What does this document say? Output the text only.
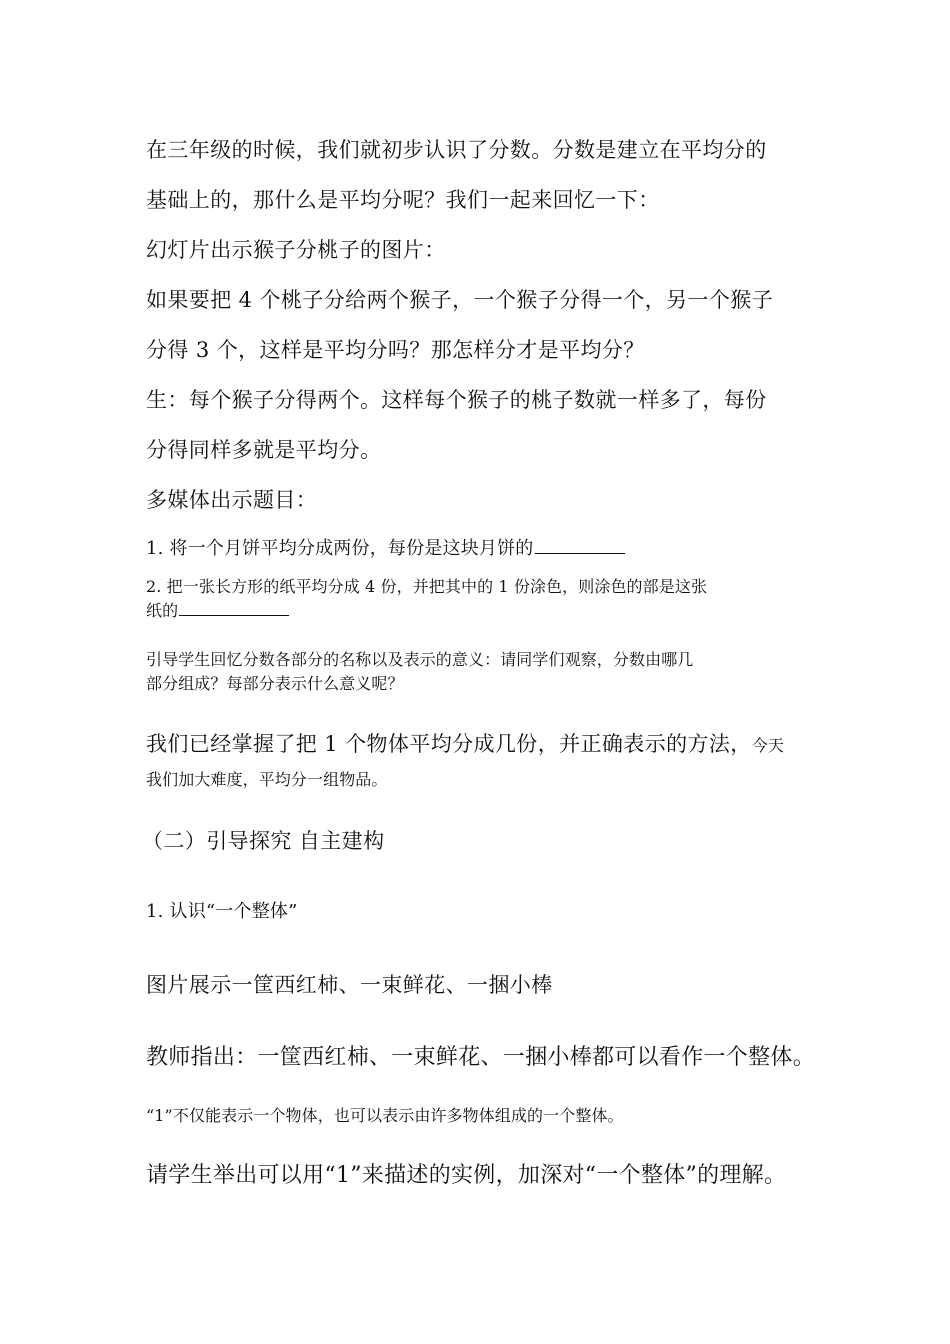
在三年级的时候，我们就初步认识了分数。分数是建立在平均分的
基础上的，那什么是平均分呢？我们一起来回忆一下：
幻灯片出示猴子分桃子的图片：
如果要把 4 个桃子分给两个猴子，一个猴子分得一个，另一个猴子
分得 3 个，这样是平均分吗？那怎样分才是平均分？
生：每个猴子分得两个。这样每个猴子的桃子数就一样多了，每份
分得同样多就是平均分。
多媒体出示题目：
1. 将一个月饼平均分成两份，每份是这块月饼的
2. 把一张长方形的纸平均分成 4 份，并把其中的 1 份涂色，则涂色的部是这张
纸的
引导学生回忆分数各部分的名称以及表示的意义：请同学们观察，分数由哪几
部分组成？每部分表示什么意义呢？
我们已经掌握了把 1 个物体平均分成几份，并正确表示的方法，今天
我们加大难度，平均分一组物品。
（二）引导探究 自主建构
1. 认识“一个整体”
图片展示一筐西红柿、一束鲜花、一捆小棒
教师指出：一筐西红柿、一束鲜花、一捆小棒都可以看作一个整体。
“1”不仅能表示一个物体，也可以表示由许多物体组成的一个整体。
请学生举出可以用“1”来描述的实例，加深对“一个整体”的理解。
